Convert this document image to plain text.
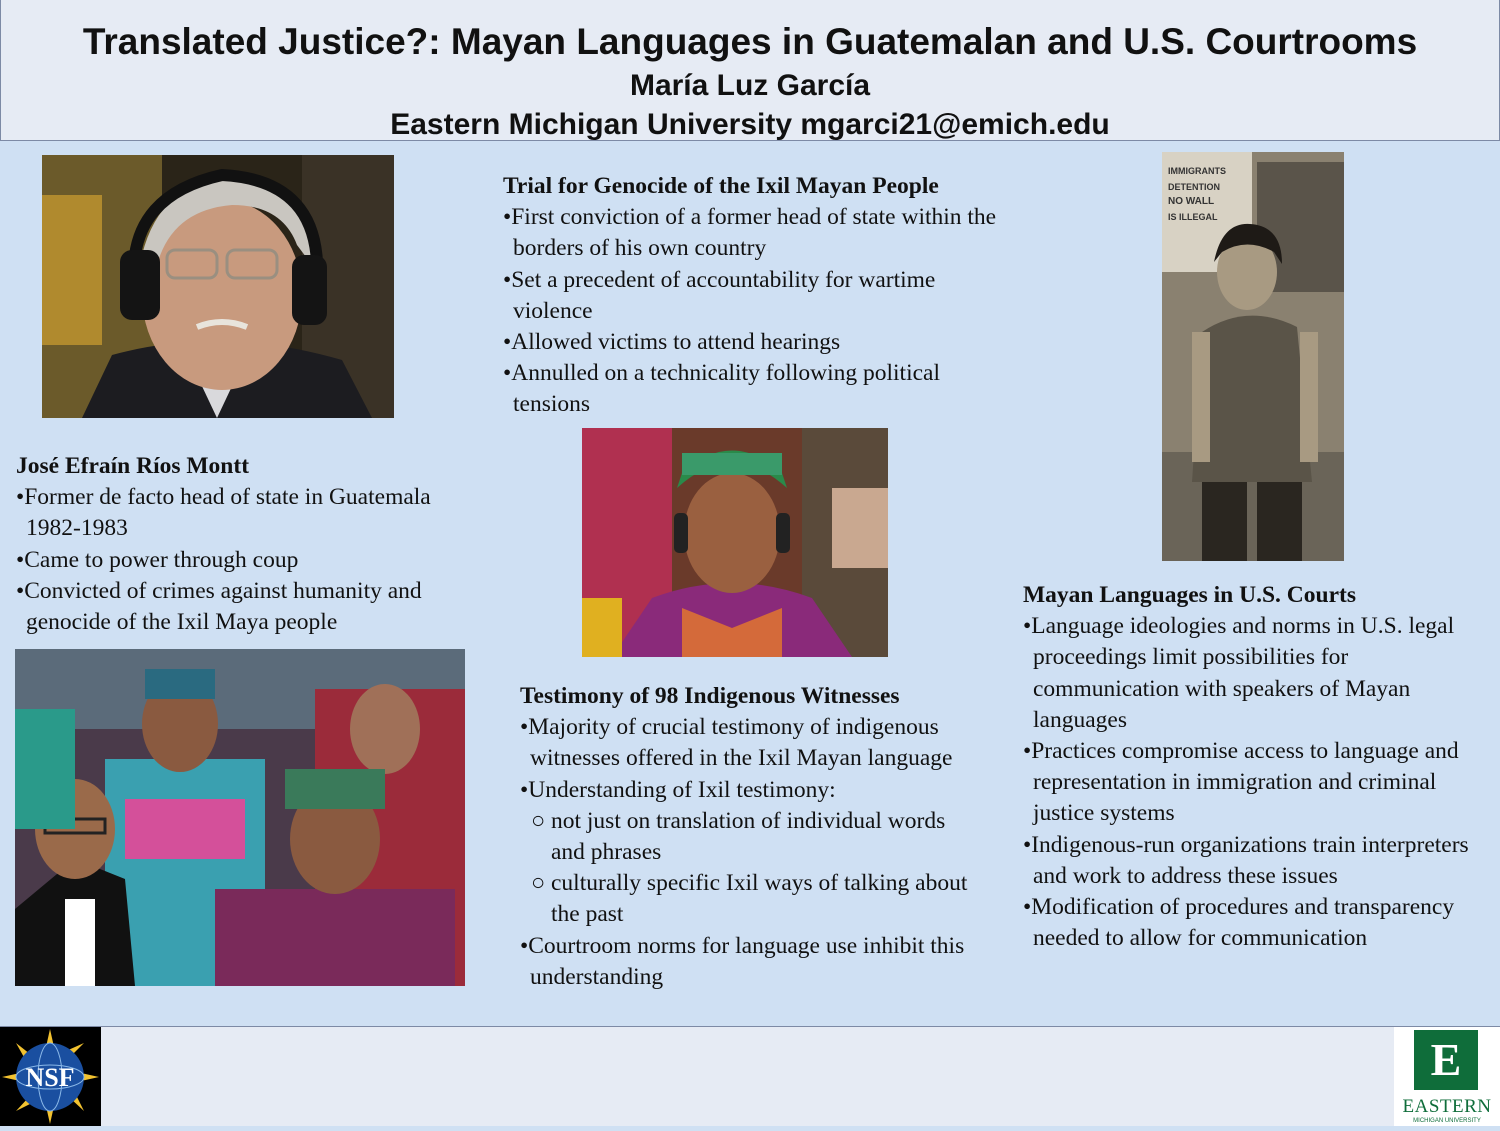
Translated Justice?: Mayan Languages in Guatemalan and U.S. Courtrooms
María Luz García
Eastern Michigan University mgarci21@emich.edu
IMMIGRANTS
DETENTION
NO WALL
IS ILLEGAL
José Efraín Ríos Montt
•Former de facto head of state in Guatemala 1982-1983
•Came to power through coup
•Convicted of crimes against humanity and genocide of the Ixil Maya people
Trial for Genocide of the Ixil Mayan People
•First conviction of a former head of state within the borders of his own country
•Set a precedent of accountability for wartime violence
•Allowed victims to attend hearings
•Annulled on a technicality following political tensions
Testimony of 98 Indigenous Witnesses
•Majority of crucial testimony of indigenous witnesses offered in the Ixil Mayan language
•Understanding of Ixil testimony:
○ not just on translation of individual words and phrases
○ culturally specific Ixil ways of talking about the past
•Courtroom norms for language use inhibit this understanding
Mayan Languages in U.S. Courts
•Language ideologies and norms in U.S. legal proceedings limit possibilities for communication with speakers of Mayan languages
•Practices compromise access to language and representation in immigration and criminal justice systems
•Indigenous-run organizations train interpreters and work to address these issues
•Modification of procedures and transparency needed to allow for communication
NSF	E
EASTERN
MICHIGAN UNIVERSITY
